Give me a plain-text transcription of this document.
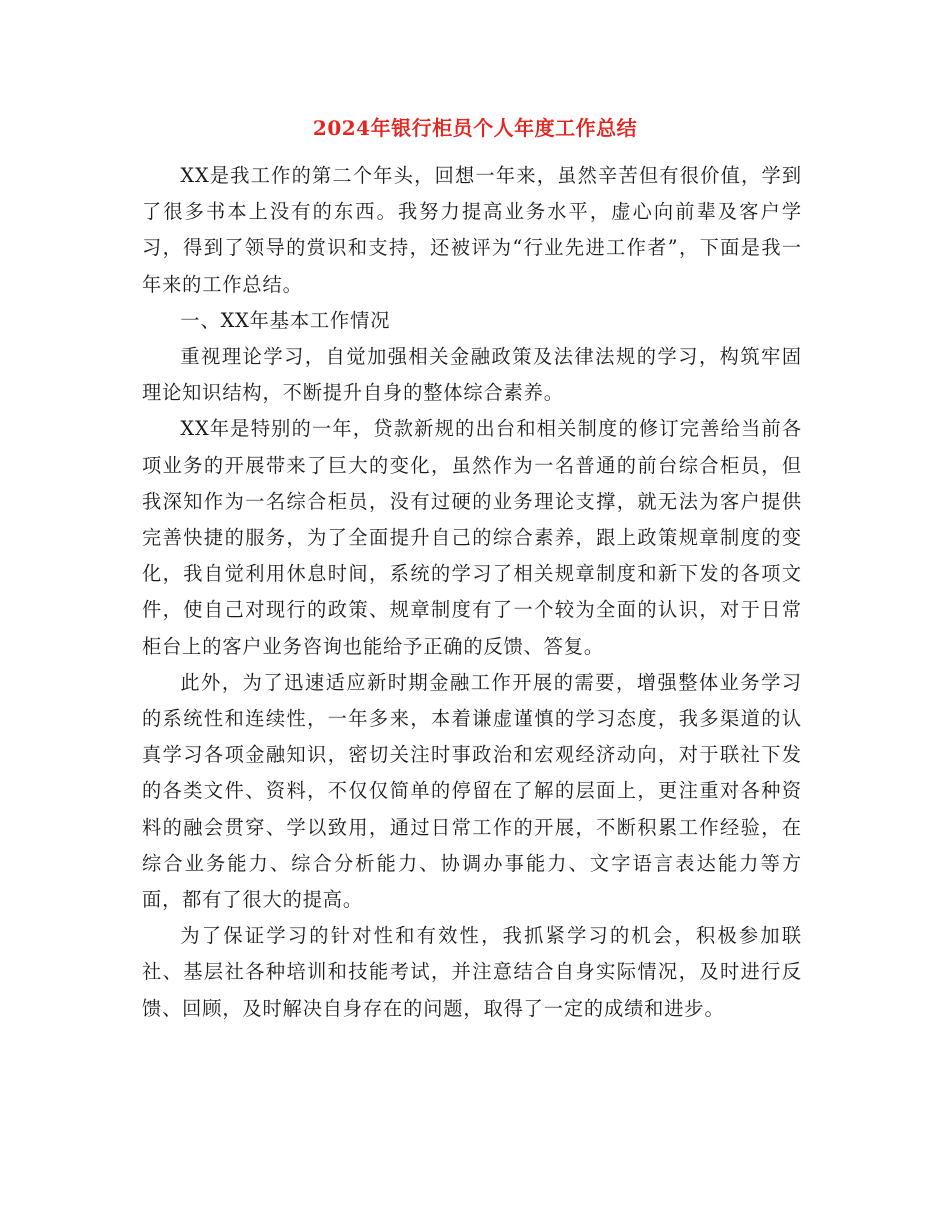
2024年银行柜员个人年度工作总结

XX是我工作的第二个年头，回想一年来，虽然辛苦但有很价值，学到了很多书本上没有的东西。我努力提高业务水平，虚心向前辈及客户学习，得到了领导的赏识和支持，还被评为“行业先进工作者”，下面是我一年来的工作总结。

一、XX年基本工作情况

重视理论学习，自觉加强相关金融政策及法律法规的学习，构筑牢固理论知识结构，不断提升自身的整体综合素养。

XX年是特别的一年，贷款新规的出台和相关制度的修订完善给当前各项业务的开展带来了巨大的变化，虽然作为一名普通的前台综合柜员，但我深知作为一名综合柜员，没有过硬的业务理论支撑，就无法为客户提供完善快捷的服务，为了全面提升自己的综合素养，跟上政策规章制度的变化，我自觉利用休息时间，系统的学习了相关规章制度和新下发的各项文件，使自己对现行的政策、规章制度有了一个较为全面的认识，对于日常柜台上的客户业务咨询也能给予正确的反馈、答复。

此外，为了迅速适应新时期金融工作开展的需要，增强整体业务学习的系统性和连续性，一年多来，本着谦虚谨慎的学习态度，我多渠道的认真学习各项金融知识，密切关注时事政治和宏观经济动向，对于联社下发的各类文件、资料，不仅仅简单的停留在了解的层面上，更注重对各种资料的融会贯穿、学以致用，通过日常工作的开展，不断积累工作经验，在综合业务能力、综合分析能力、协调办事能力、文字语言表达能力等方面，都有了很大的提高。

为了保证学习的针对性和有效性，我抓紧学习的机会，积极参加联社、基层社各种培训和技能考试，并注意结合自身实际情况，及时进行反馈、回顾，及时解决自身存在的问题，取得了一定的成绩和进步。
